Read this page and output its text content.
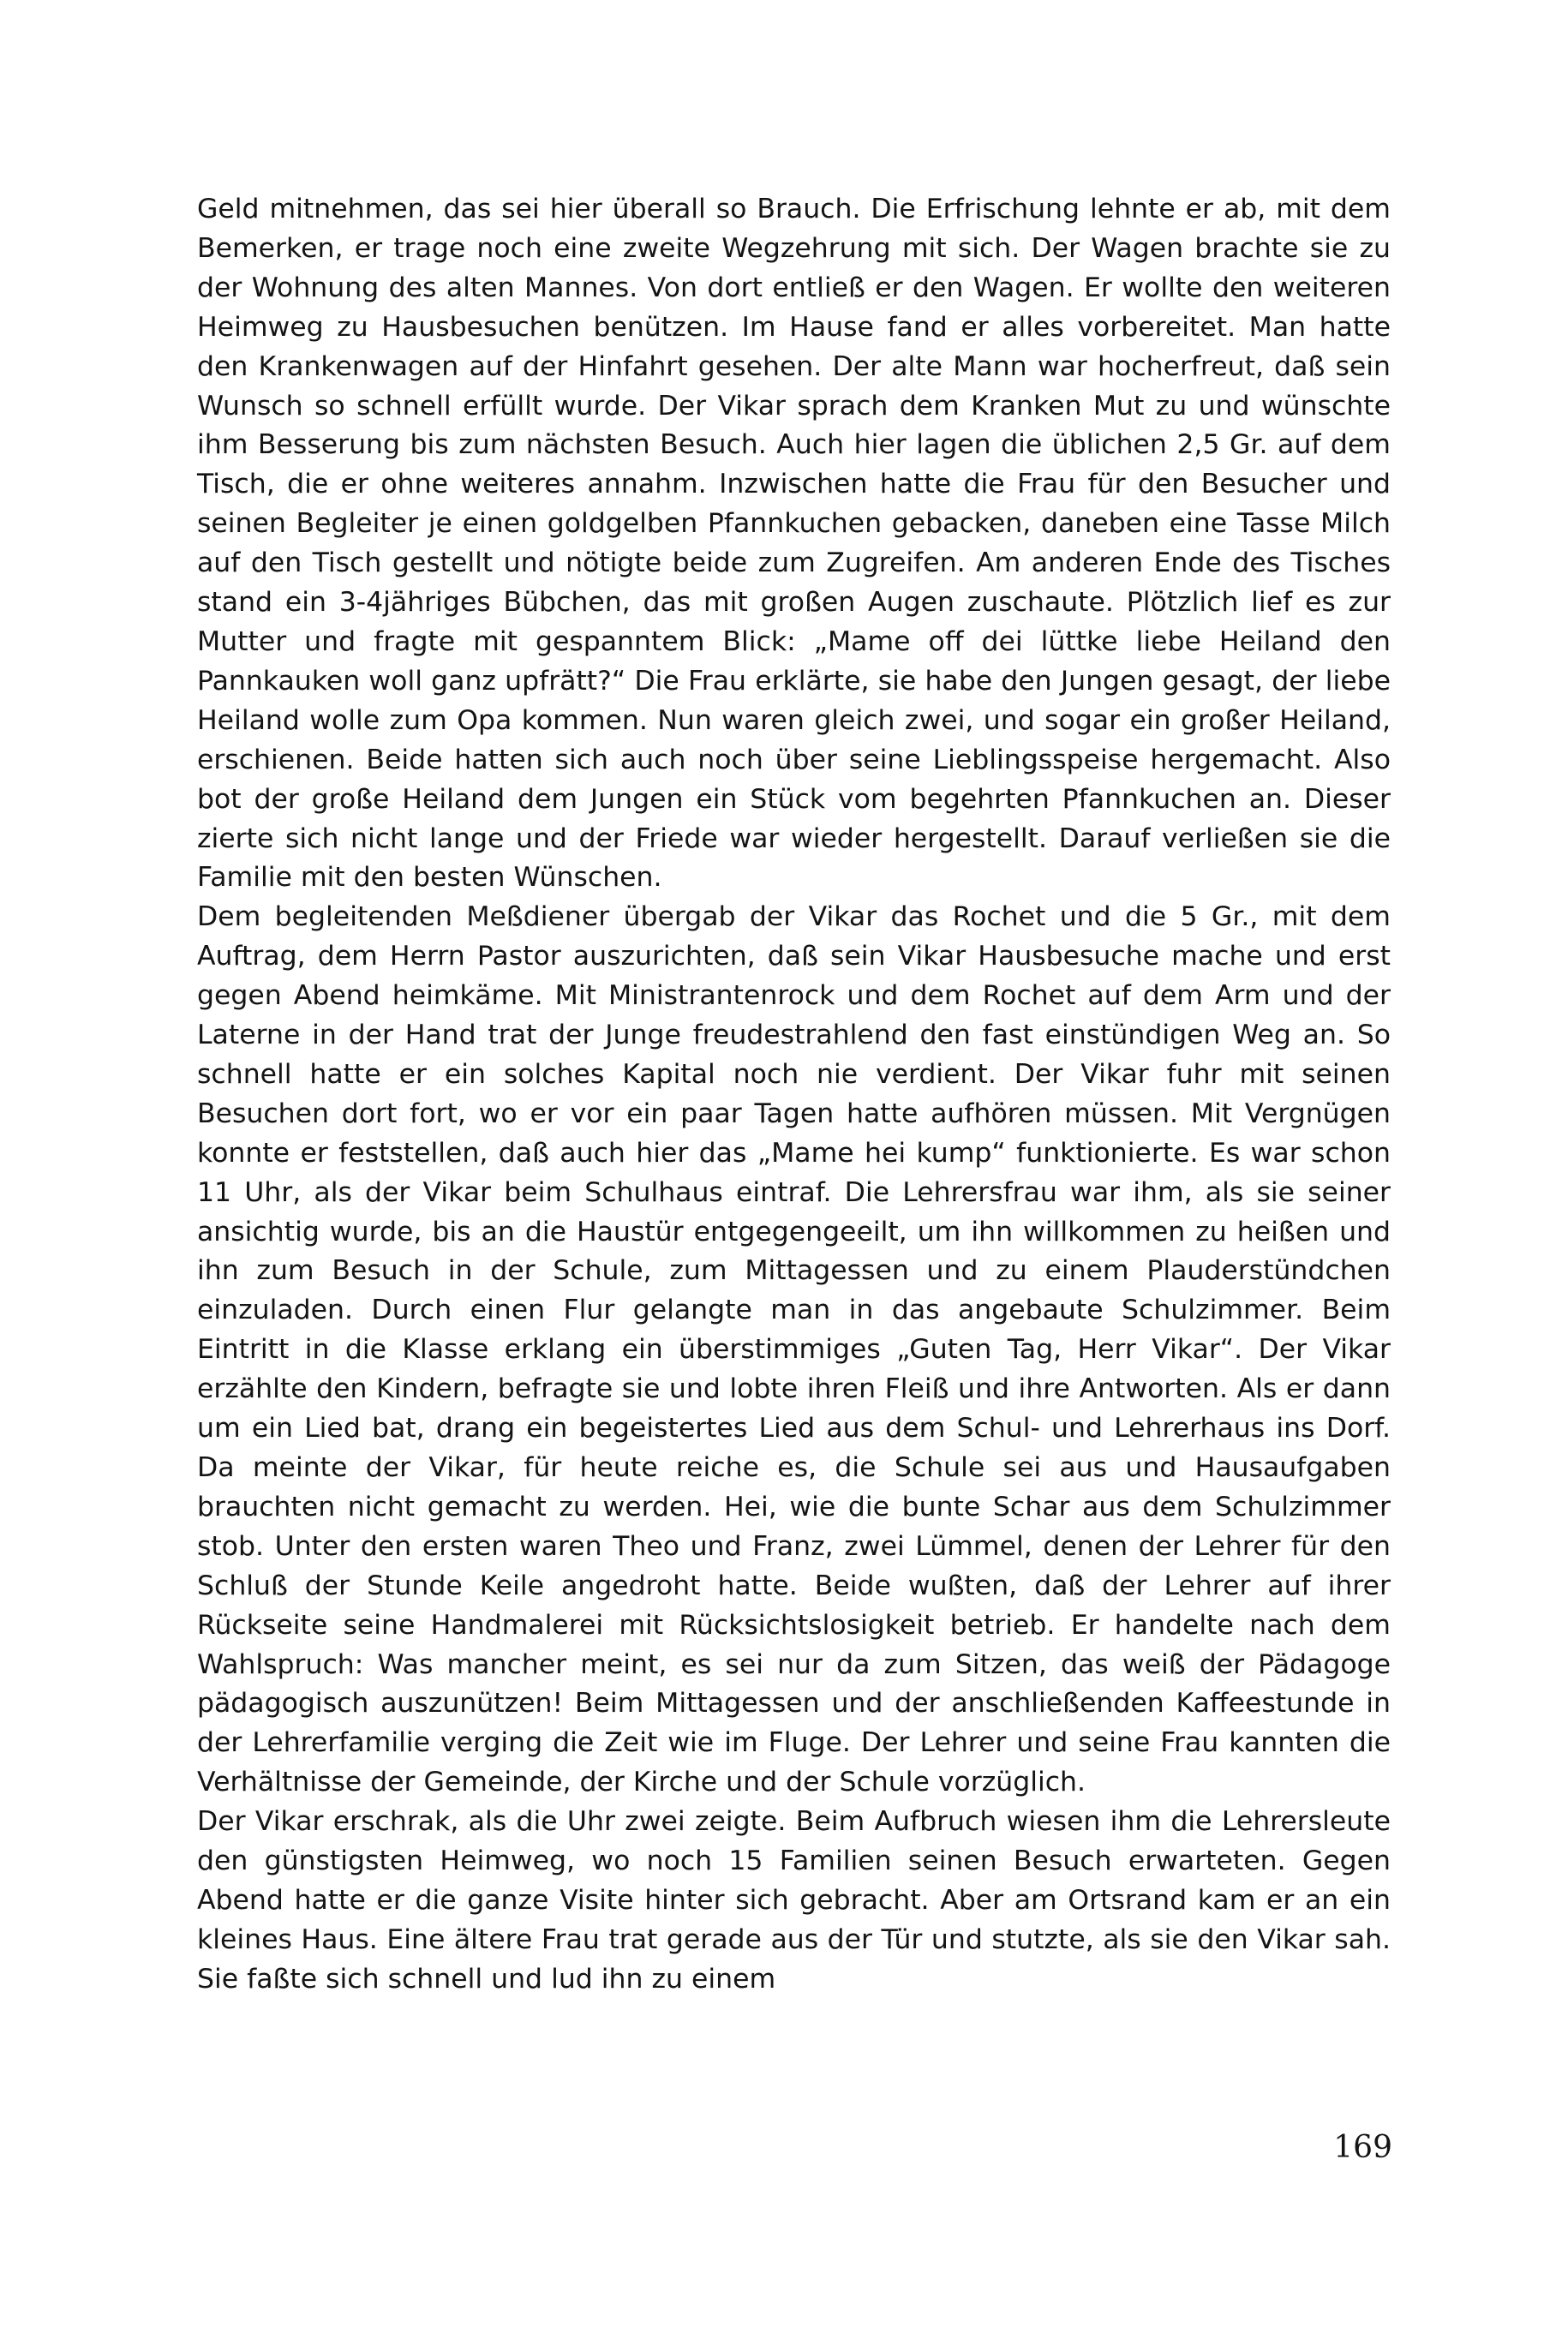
Geld mitnehmen, das sei hier überall so Brauch. Die Erfrischung lehnte er ab, mit dem Bemerken, er trage noch eine zweite Wegzehrung mit sich. Der Wagen brachte sie zu der Wohnung des alten Mannes. Von dort entließ er den Wagen. Er wollte den weiteren Heimweg zu Hausbesuchen benützen. Im Hause fand er alles vorbereitet. Man hatte den Krankenwagen auf der Hinfahrt gesehen. Der alte Mann war hocherfreut, daß sein Wunsch so schnell erfüllt wurde. Der Vikar sprach dem Kranken Mut zu und wünschte ihm Besserung bis zum nächsten Besuch. Auch hier lagen die üblichen 2,5 Gr. auf dem Tisch, die er ohne weiteres annahm. Inzwischen hatte die Frau für den Besucher und seinen Begleiter je einen goldgelben Pfannkuchen gebacken, daneben eine Tasse Milch auf den Tisch gestellt und nötigte beide zum Zugreifen. Am anderen Ende des Tisches stand ein 3-4jähriges Bübchen, das mit großen Augen zuschaute. Plötzlich lief es zur Mutter und fragte mit gespanntem Blick: „Mame off dei lüttke liebe Heiland den Pannkauken woll ganz upfrätt?“ Die Frau erklärte, sie habe den Jungen gesagt, der liebe Heiland wolle zum Opa kommen. Nun waren gleich zwei, und sogar ein großer Heiland, erschienen. Beide hatten sich auch noch über seine Lieblingsspeise hergemacht. Also bot der große Heiland dem Jungen ein Stück vom begehrten Pfannkuchen an. Dieser zierte sich nicht lange und der Friede war wieder hergestellt. Darauf verließen sie die Familie mit den besten Wünschen.

Dem begleitenden Meßdiener übergab der Vikar das Rochet und die 5 Gr., mit dem Auftrag, dem Herrn Pastor auszurichten, daß sein Vikar Hausbesuche mache und erst gegen Abend heimkäme. Mit Ministrantenrock und dem Rochet auf dem Arm und der Laterne in der Hand trat der Junge freudestrahlend den fast einstündigen Weg an. So schnell hatte er ein solches Kapital noch nie verdient. Der Vikar fuhr mit seinen Besuchen dort fort, wo er vor ein paar Tagen hatte aufhören müssen. Mit Vergnügen konnte er feststellen, daß auch hier das „Mame hei kump“ funktionierte. Es war schon 11 Uhr, als der Vikar beim Schulhaus eintraf. Die Lehrersfrau war ihm, als sie seiner ansichtig wurde, bis an die Haustür entgegengeeilt, um ihn willkommen zu heißen und ihn zum Besuch in der Schule, zum Mittagessen und zu einem Plauderstündchen einzuladen. Durch einen Flur gelangte man in das angebaute Schulzimmer. Beim Eintritt in die Klasse erklang ein überstimmiges „Guten Tag, Herr Vikar“. Der Vikar erzählte den Kindern, befragte sie und lobte ihren Fleiß und ihre Antworten. Als er dann um ein Lied bat, drang ein begeistertes Lied aus dem Schul- und Lehrerhaus ins Dorf. Da meinte der Vikar, für heute reiche es, die Schule sei aus und Hausaufgaben brauchten nicht gemacht zu werden. Hei, wie die bunte Schar aus dem Schulzimmer stob. Unter den ersten waren Theo und Franz, zwei Lümmel, denen der Lehrer für den Schluß der Stunde Keile angedroht hatte. Beide wußten, daß der Lehrer auf ihrer Rückseite seine Handmalerei mit Rücksichtslosigkeit betrieb. Er handelte nach dem Wahlspruch: Was mancher meint, es sei nur da zum Sitzen, das weiß der Pädagoge pädagogisch auszunützen! Beim Mittagessen und der anschließenden Kaffeestunde in der Lehrerfamilie verging die Zeit wie im Fluge. Der Lehrer und seine Frau kannten die Verhältnisse der Gemeinde, der Kirche und der Schule vorzüglich.

Der Vikar erschrak, als die Uhr zwei zeigte. Beim Aufbruch wiesen ihm die Lehrersleute den günstigsten Heimweg, wo noch 15 Familien seinen Besuch erwarteten. Gegen Abend hatte er die ganze Visite hinter sich gebracht. Aber am Ortsrand kam er an ein kleines Haus. Eine ältere Frau trat gerade aus der Tür und stutzte, als sie den Vikar sah. Sie faßte sich schnell und lud ihn zu einem

169
